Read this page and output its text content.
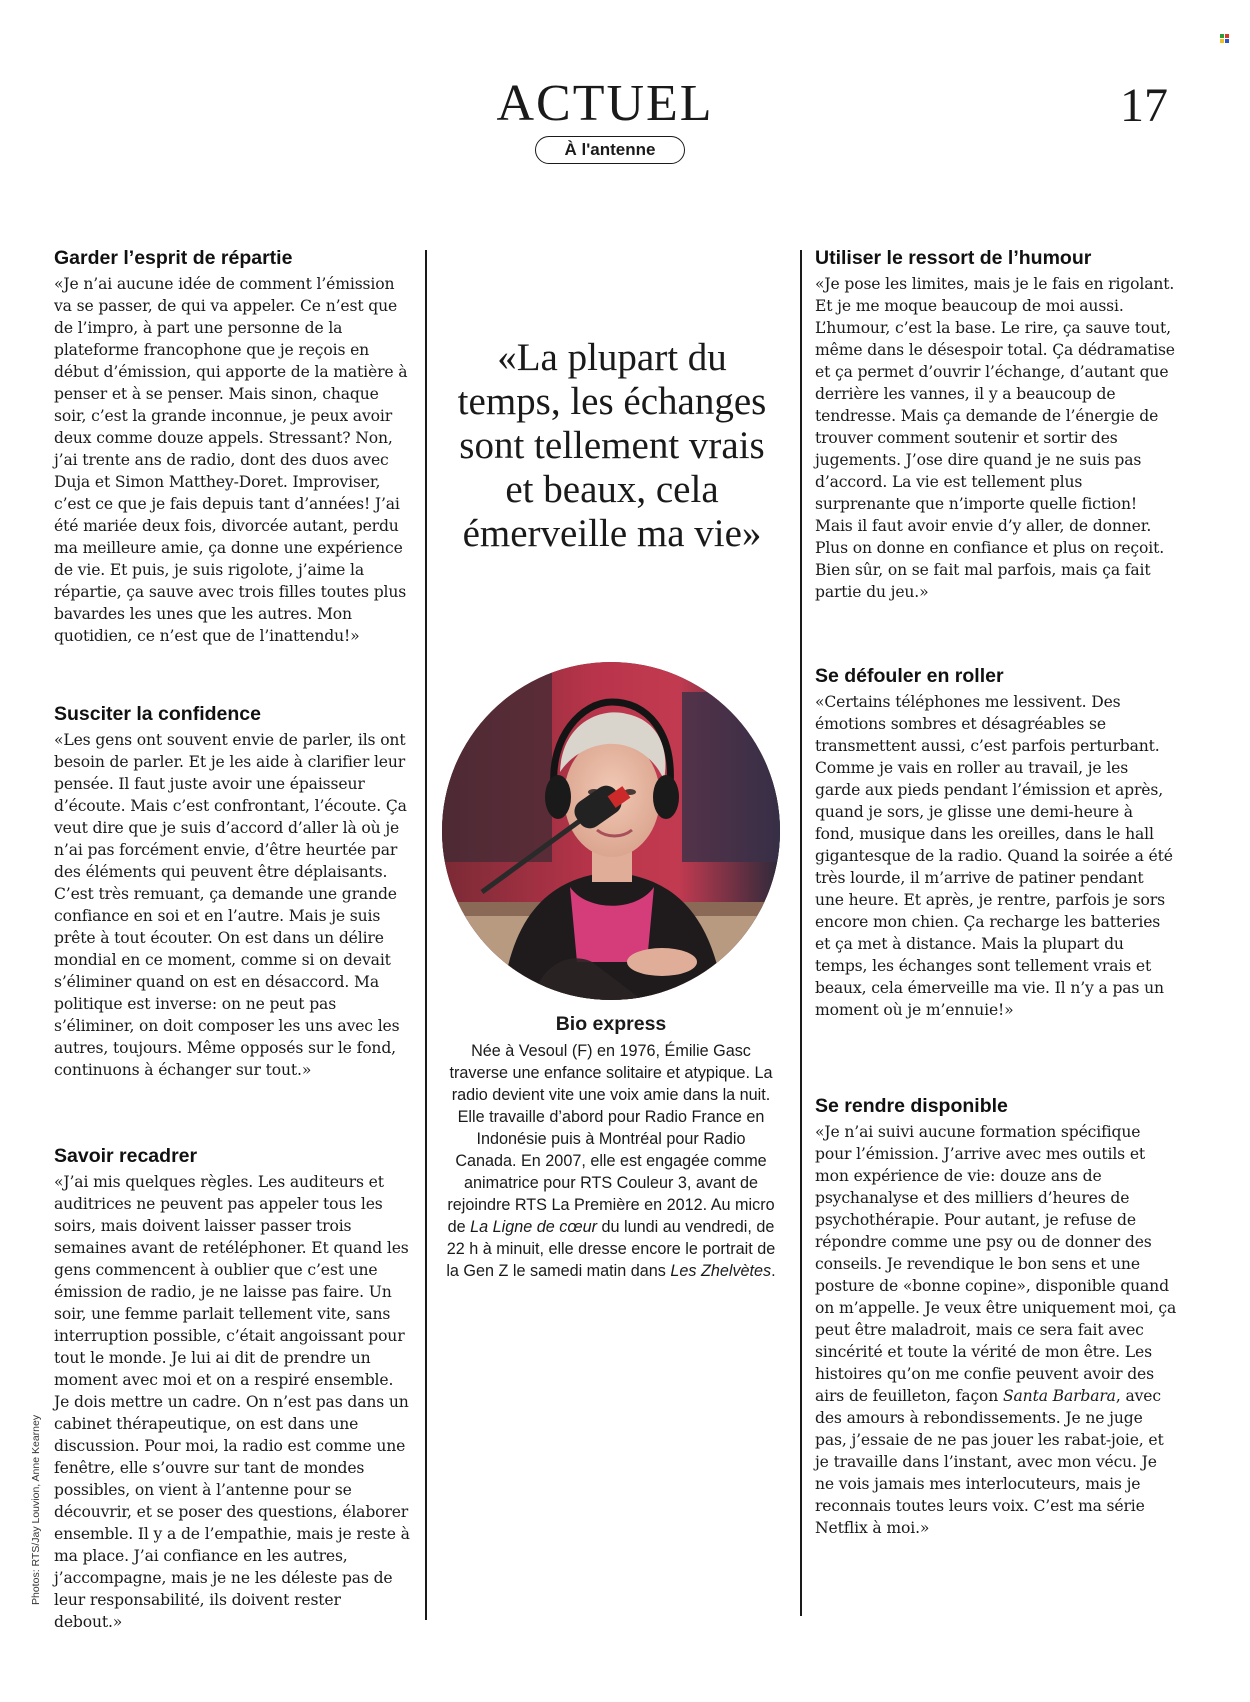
ACTUEL
À l'antenne
17
Garder l’esprit de répartie

«Je n’ai aucune idée de comment l’émission va se passer, de qui va appeler. Ce n’est que de l’impro, à part une personne de la plateforme francophone que je reçois en début d’émission, qui apporte de la matière à penser et à se penser. Mais sinon, chaque soir, c’est la grande inconnue, je peux avoir deux comme douze appels. Stressant? Non, j’ai trente ans de radio, dont des duos avec Duja et Simon Matthey-Doret. Improviser, c’est ce que je fais depuis tant d’années! J’ai été mariée deux fois, divorcée autant, perdu ma meilleure amie, ça donne une expérience de vie. Et puis, je suis rigolote, j’aime la répartie, ça sauve avec trois filles toutes plus bavardes les unes que les autres. Mon quotidien, ce n’est que de l’inattendu!»

Susciter la confidence

«Les gens ont souvent envie de parler, ils ont besoin de parler. Et je les aide à clarifier leur pensée. Il faut juste avoir une épaisseur d’écoute. Mais c’est confrontant, l’écoute. Ça veut dire que je suis d’accord d’aller là où je n’ai pas forcément envie, d’être heurtée par des éléments qui peuvent être déplaisants. C’est très remuant, ça demande une grande confiance en soi et en l’autre. Mais je suis prête à tout écouter. On est dans un délire mondial en ce moment, comme si on devait s’éliminer quand on est en désaccord. Ma politique est inverse: on ne peut pas s’éliminer, on doit composer les uns avec les autres, toujours. Même opposés sur le fond, continuons à échanger sur tout.»

Savoir recadrer

«J’ai mis quelques règles. Les auditeurs et auditrices ne peuvent pas appeler tous les soirs, mais doivent laisser passer trois semaines avant de retéléphoner. Et quand les gens commencent à oublier que c’est une émission de radio, je ne laisse pas faire. Un soir, une femme parlait tellement vite, sans interruption possible, c’était angoissant pour tout le monde. Je lui ai dit de prendre un moment avec moi et on a respiré ensemble. Je dois mettre un cadre. On n’est pas dans un cabinet thérapeutique, on est dans une discussion. Pour moi, la radio est comme une fenêtre, elle s’ouvre sur tant de mondes possibles, on vient à l’antenne pour se découvrir, et se poser des questions, élaborer ensemble. Il y a de l’empathie, mais je reste à ma place. J’ai confiance en les autres, j’accompagne, mais je ne les déleste pas de leur responsabilité, ils doivent rester debout.»

«La plupart du temps, les échanges sont tellement vrais et beaux, cela émerveille ma vie»
Bio express

Née à Vesoul (F) en 1976, Émilie Gasc traverse une enfance solitaire et atypique. La radio devient vite une voix amie dans la nuit. Elle travaille d’abord pour Radio France en Indonésie puis à Montréal pour Radio Canada. En 2007, elle est engagée comme animatrice pour RTS Couleur 3, avant de rejoindre RTS La Première en 2012. Au micro de La Ligne de cœur du lundi au vendredi, de 22 h à minuit, elle dresse encore le portrait de la Gen Z le samedi matin dans Les Zhelvètes.

Utiliser le ressort de l’humour

«Je pose les limites, mais je le fais en rigolant. Et je me moque beaucoup de moi aussi. L’humour, c’est la base. Le rire, ça sauve tout, même dans le désespoir total. Ça dédramatise et ça permet d’ouvrir l’échange, d’autant que derrière les vannes, il y a beaucoup de tendresse. Mais ça demande de l’énergie de trouver comment soutenir et sortir des jugements. J’ose dire quand je ne suis pas d’accord. La vie est tellement plus surprenante que n’importe quelle fiction! Mais il faut avoir envie d’y aller, de donner. Plus on donne en confiance et plus on reçoit. Bien sûr, on se fait mal parfois, mais ça fait partie du jeu.»

Se défouler en roller

«Certains téléphones me lessivent. Des émotions sombres et désagréables se transmettent aussi, c’est parfois perturbant. Comme je vais en roller au travail, je les garde aux pieds pendant l’émission et après, quand je sors, je glisse une demi-heure à fond, musique dans les oreilles, dans le hall gigantesque de la radio. Quand la soirée a été très lourde, il m’arrive de patiner pendant une heure. Et après, je rentre, parfois je sors encore mon chien. Ça recharge les batteries et ça met à distance. Mais la plupart du temps, les échanges sont tellement vrais et beaux, cela émerveille ma vie. Il n’y a pas un moment où je m’ennuie!»

Se rendre disponible

«Je n’ai suivi aucune formation spécifique pour l’émission. J’arrive avec mes outils et mon expérience de vie: douze ans de psychanalyse et des milliers d’heures de psychothérapie. Pour autant, je refuse de répondre comme une psy ou de donner des conseils. Je revendique le bon sens et une posture de «bonne copine», disponible quand on m’appelle. Je veux être uniquement moi, ça peut être maladroit, mais ce sera fait avec sincérité et toute la vérité de mon être. Les histoires qu’on me confie peuvent avoir des airs de feuilleton, façon Santa Barbara, avec des amours à rebondissements. Je ne juge pas, j’essaie de ne pas jouer les rabat-joie, et je travaille dans l’instant, avec mon vécu. Je ne vois jamais mes interlocuteurs, mais je reconnais toutes leurs voix. C’est ma série Netflix à moi.»

Photos: RTS/Jay Louvion, Anne Kearney
